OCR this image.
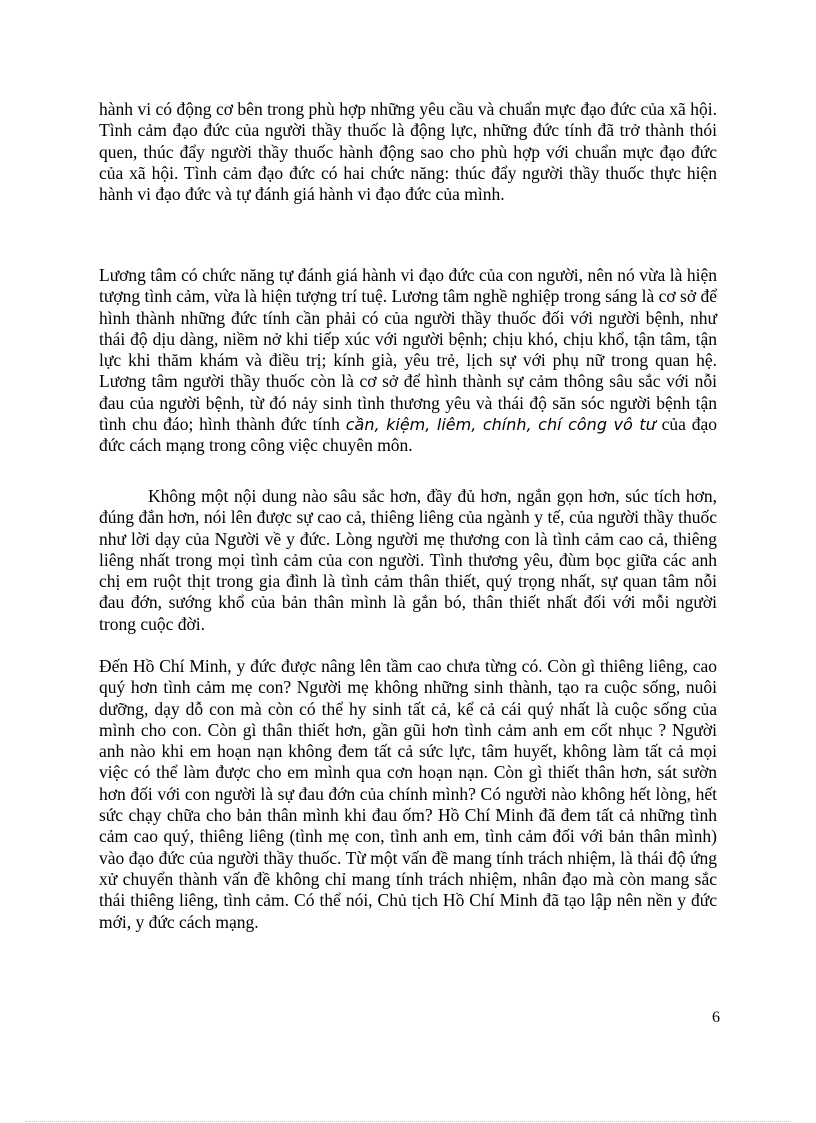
hành vi có động cơ bên trong phù hợp những yêu cầu và chuẩn mực đạo đức của xã hội. Tình cảm đạo đức của người thầy thuốc là động lực, những đức tính đã trở thành thói quen, thúc đẩy người thầy thuốc hành động sao cho phù hợp với chuẩn mực đạo đức của xã hội. Tình cảm đạo đức có hai chức năng: thúc đẩy người thầy thuốc thực hiện hành vi đạo đức và tự đánh giá hành vi đạo đức của mình.

Lương tâm có chức năng tự đánh giá hành vi đạo đức của con người, nên nó vừa là hiện tượng tình cảm, vừa là hiện tượng trí tuệ. Lương tâm nghề nghiệp trong sáng là cơ sở để hình thành những đức tính cần phải có của người thầy thuốc đối với người bệnh, như thái độ dịu dàng, niềm nở khi tiếp xúc với người bệnh; chịu khó, chịu khổ, tận tâm, tận lực khi thăm khám và điều trị; kính già, yêu trẻ, lịch sự với phụ nữ trong quan hệ. Lương tâm người thầy thuốc còn là cơ sở để hình thành sự cảm thông sâu sắc với nỗi đau của người bệnh, từ đó nảy sinh tình thương yêu và thái độ săn sóc người bệnh tận tình chu đáo; hình thành đức tính cần, kiệm, liêm, chính, chí công vô tư của đạo đức cách mạng trong công việc chuyên môn.

Không một nội dung nào sâu sắc hơn, đầy đủ hơn, ngắn gọn hơn, súc tích hơn, đúng đắn hơn, nói lên được sự cao cả, thiêng liêng của ngành y tế, của người thầy thuốc như lời dạy của Người về y đức. Lòng người mẹ thương con là tình cảm cao cả, thiêng liêng nhất trong mọi tình cảm của con người. Tình thương yêu, đùm bọc giữa các anh chị em ruột thịt trong gia đình là tình cảm thân thiết, quý trọng nhất, sự quan tâm nỗi đau đớn, sướng khổ của bản thân mình là gắn bó, thân thiết nhất đối với mỗi người trong cuộc đời.

Đến Hồ Chí Minh, y đức được nâng lên tầm cao chưa từng có. Còn gì thiêng liêng, cao quý hơn tình cảm mẹ con? Người mẹ không những sinh thành, tạo ra cuộc sống, nuôi dưỡng, dạy dỗ con mà còn có thể hy sinh tất cả, kể cả cái quý nhất là cuộc sống của mình cho con. Còn gì thân thiết hơn, gần gũi hơn tình cảm anh em cốt nhục ? Người anh nào khi em hoạn nạn không đem tất cả sức lực, tâm huyết, không làm tất cả mọi việc có thể làm được cho em mình qua cơn hoạn nạn. Còn gì thiết thân hơn, sát sườn hơn đối với con người là sự đau đớn của chính mình? Có người nào không hết lòng, hết sức chạy chữa cho bản thân mình khi đau ốm? Hồ Chí Minh đã đem tất cả những tình cảm cao quý, thiêng liêng (tình mẹ con, tình anh em, tình cảm đối với bản thân mình) vào đạo đức của người thầy thuốc. Từ một vấn đề mang tính trách nhiệm, là thái độ ứng xử chuyển thành vấn đề không chỉ mang tính trách nhiệm, nhân đạo mà còn mang sắc thái thiêng liêng, tình cảm. Có thể nói, Chủ tịch Hồ Chí Minh đã tạo lập nên nền y đức mới, y đức cách mạng.

6
